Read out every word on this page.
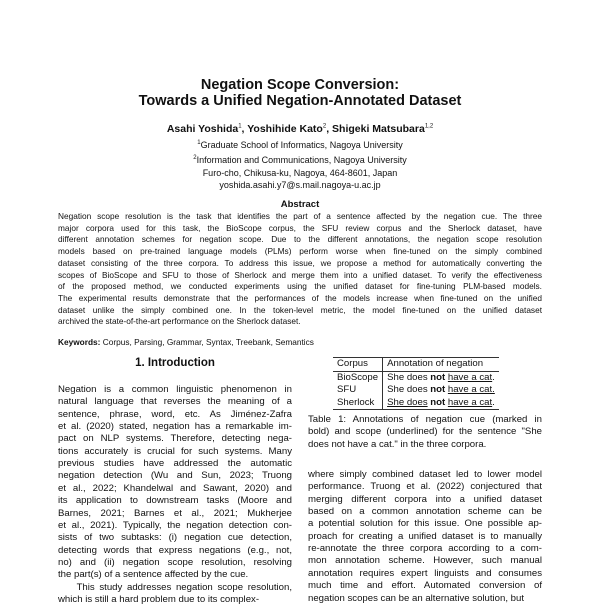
Negation Scope Conversion:
Towards a Unified Negation-Annotated Dataset
Asahi Yoshida$^1$, Yoshihide Kato$^2$, Shigeki Matsubara$^{1,2}$
$^1$Graduate School of Informatics, Nagoya University
$^2$Information and Communications, Nagoya University
Furo-cho, Chikusa-ku, Nagoya, 464-8601, Japan
yoshida.asahi.y7@s.mail.nagoya-u.ac.jp
Abstract
Negation scope resolution is the task that identifies the part of a sentence affected by the negation cue. The three
major corpora used for this task, the BioScope corpus, the SFU review corpus and the Sherlock dataset, have
different annotation schemes for negation scope. Due to the different annotations, the negation scope resolution
models based on pre-trained language models (PLMs) perform worse when fine-tuned on the simply combined
dataset consisting of the three corpora. To address this issue, we propose a method for automatically converting the
scopes of BioScope and SFU to those of Sherlock and merge them into a unified dataset. To verify the effectiveness
of the proposed method, we conducted experiments using the unified dataset for fine-tuning PLM-based models.
The experimental results demonstrate that the performances of the models increase when fine-tuned on the unified
dataset unlike the simply combined one. In the token-level metric, the model fine-tuned on the unified dataset
archived the state-of-the-art performance on the Sherlock dataset.
Keywords: Corpus, Parsing, Grammar, Syntax, Treebank, Semantics
1. Introduction
Negation is a common linguistic phenomenon in
natural language that reverses the meaning of a
sentence, phrase, word, etc. As Jiménez-Zafra
et al. (2020) stated, negation has a remarkable im-
pact on NLP systems. Therefore, detecting nega-
tions accurately is crucial for such systems. Many
previous studies have addressed the automatic
negation detection (Wu and Sun, 2023; Truong
et al., 2022; Khandelwal and Sawant, 2020) and
its application to downstream tasks (Moore and
Barnes, 2021; Barnes et al., 2021; Mukherjee
et al., 2021). Typically, the negation detection con-
sists of two subtasks: (i) negation cue detection,
detecting words that express negations (e.g., not,
no) and (ii) negation scope resolution, resolving
the part(s) of a sentence affected by the cue.
This study addresses negation scope resolution,
which is still a hard problem due to its complex-
where simply combined dataset led to lower model
performance. Truong et al. (2022) conjectured that
merging different corpora into a unified dataset
based on a common annotation scheme can be
a potential solution for this issue. One possible ap-
proach for creating a unified dataset is to manually
re-annotate the three corpora according to a com-
mon annotation scheme. However, such manual
annotation requires expert linguists and consumes
much time and effort. Automated conversion of
negation scopes can be an alternative solution, but
Corpus	Annotation of negation
BioScope	She does not have a cat.
SFU	She does not have a cat.
Sherlock	She does not have a cat.
Table 1: Annotations of negation cue (marked in
bold) and scope (underlined) for the sentence "She
does not have a cat." in the three corpora.
